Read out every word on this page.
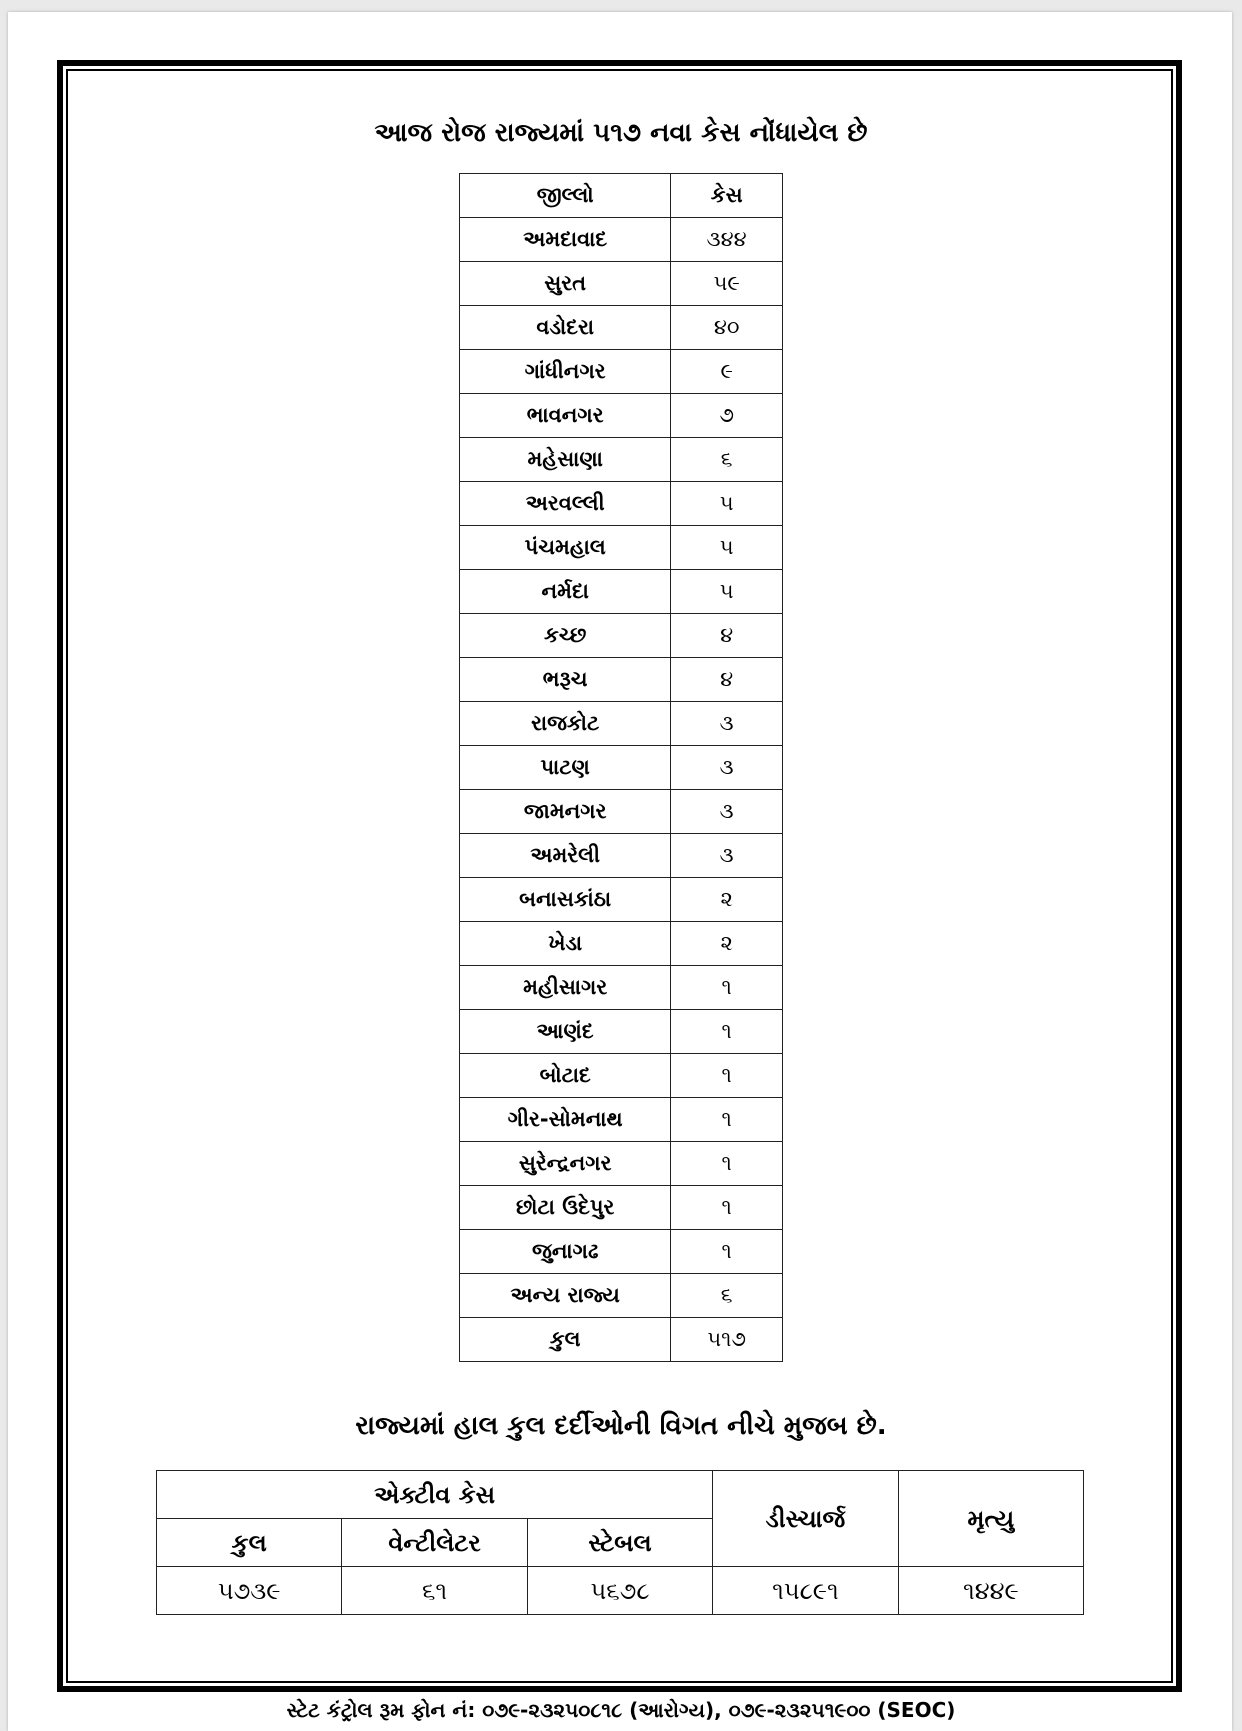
આજ રોજ રાજ્યમાં ૫૧૭ નવા કેસ નોંધાયેલ છે
જીલ્લો	કેસ
અમદાવાદ	૩૪૪
સુરત	૫૯
વડોદરા	૪૦
ગાંધીનગર	૯
ભાવનગર	૭
મહેસાણા	૬
અરવલ્લી	૫
પંચમહાલ	૫
નર્મદા	૫
કચ્છ	૪
ભરૂચ	૪
રાજકોટ	૩
પાટણ	૩
જામનગર	૩
અમરેલી	૩
બનાસકાંઠા	૨
ખેડા	૨
મહીસાગર	૧
આણંદ	૧
બોટાદ	૧
ગીર-સોમનાથ	૧
સુરેન્દ્રનગર	૧
છોટા ઉદેપુર	૧
જુનાગઢ	૧
અન્ય રાજ્ય	૬
કુલ	૫૧૭
રાજ્યમાં હાલ કુલ દર્દીઓની વિગત નીચે મુજબ છે.
એક્ટીવ કેસ			ડીસ્ચાર્જ	મૃત્યુ
કુલ	વેન્ટીલેટર	સ્ટેબલ		
૫૭૩૯	૬૧	૫૬૭૮	૧૫૮૯૧	૧૪૪૯
સ્ટેટ કંટ્રોલ રૂમ ફોન નં: ૦૭૯-૨૩૨૫૦૮૧૮ (આરોગ્ય), ૦૭૯-૨૩૨૫૧૯૦૦ (SEOC)
